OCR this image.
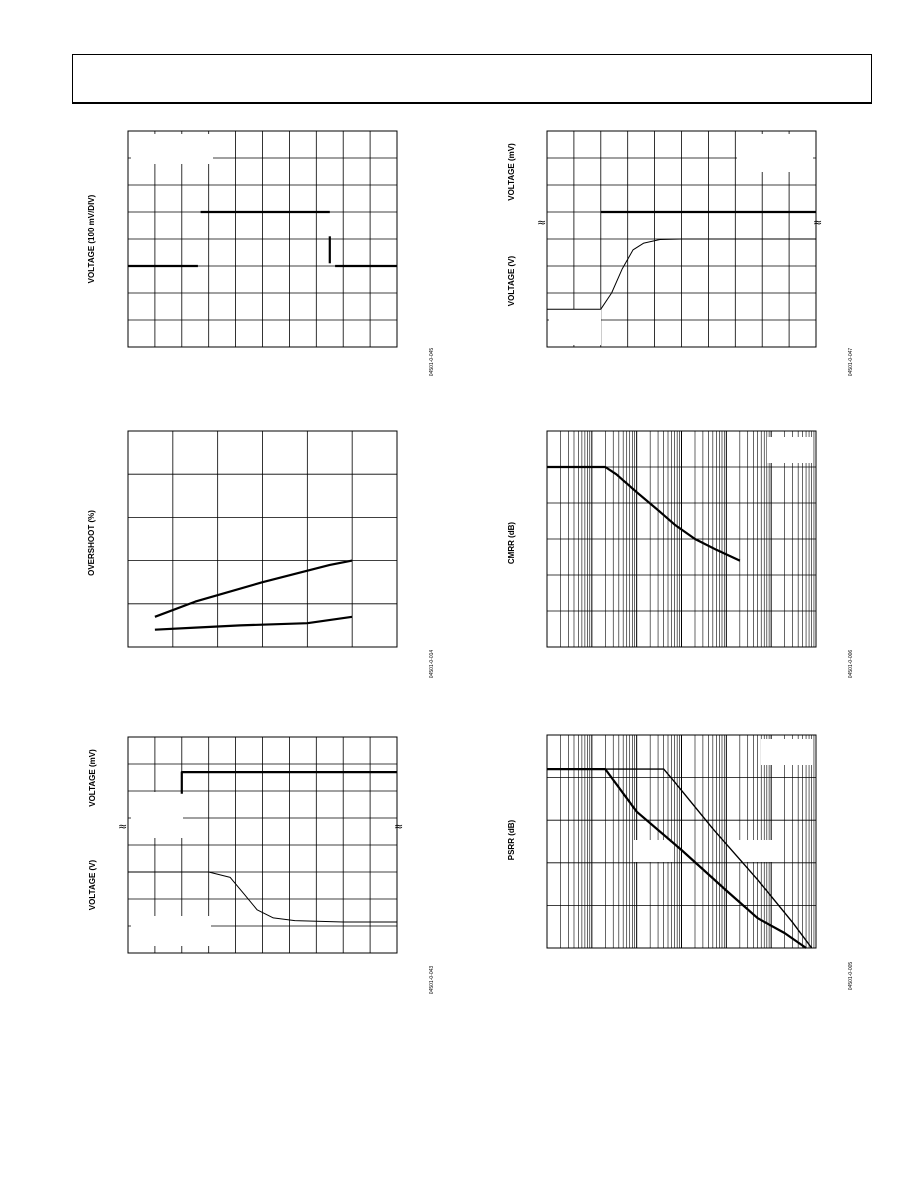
VOLTAGE (100 mV/DIV)
04501-0-045
VOLTAGE (mV)
VOLTAGE (V)
≈	≈
04501-0-047
OVERSHOOT (%)
04501-0-014
CMRR (dB)
04501-0-006
VOLTAGE (mV)
VOLTAGE (V)
≈	≈
04501-0-043
PSRR (dB)
04501-0-005
